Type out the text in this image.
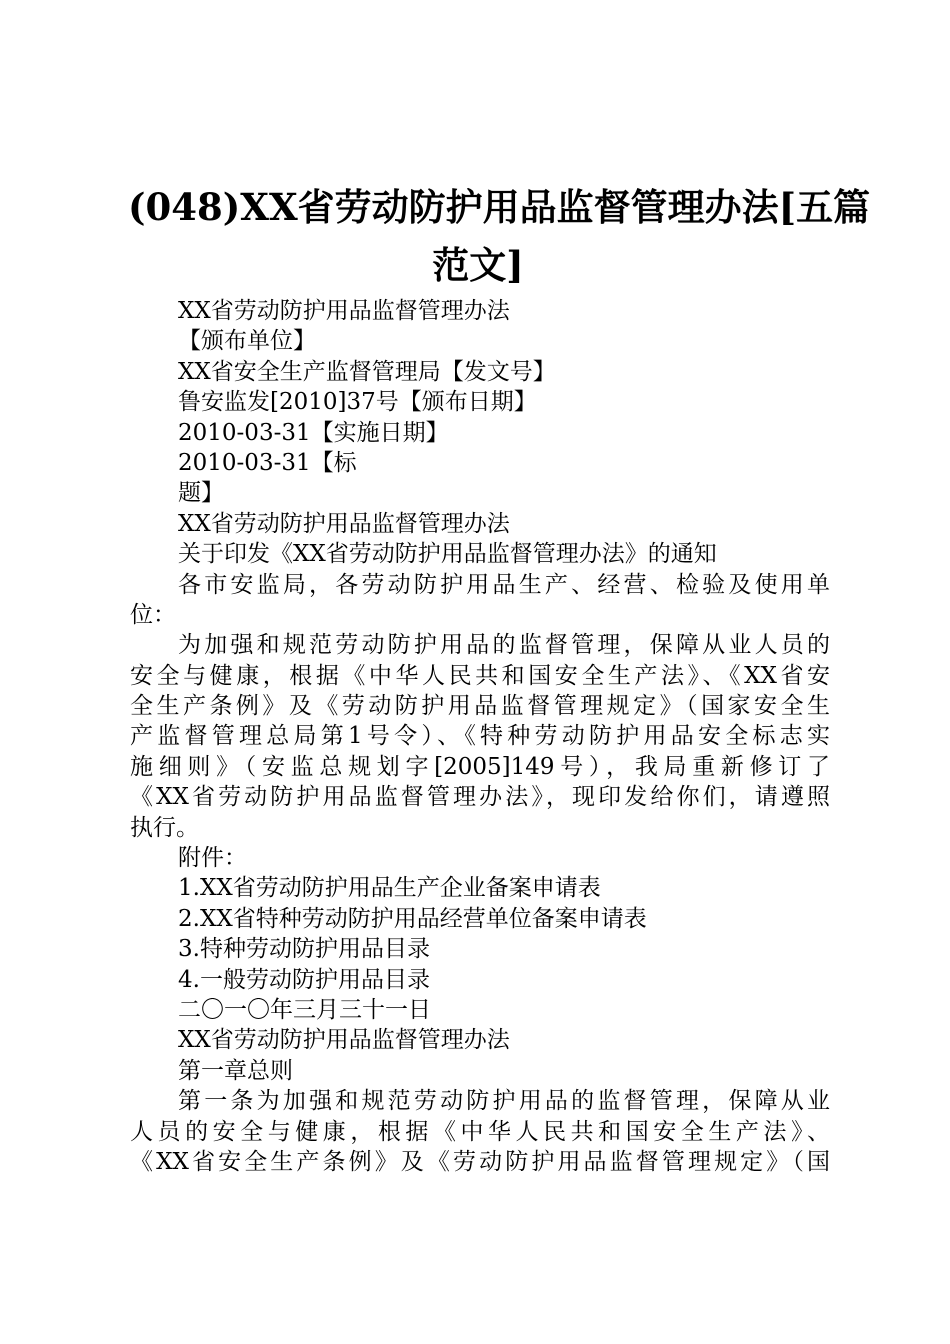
(048)XX省劳动防护用品监督管理办法[五篇
范文]
XX省劳动防护用品监督管理办法
【颁布单位】
XX省安全生产监督管理局【发文号】
鲁安监发[2010]37号【颁布日期】
2010-03-31【实施日期】
2010-03-31【标
题】
XX省劳动防护用品监督管理办法
关于印发《XX省劳动防护用品监督管理办法》的通知
各市安监局，各劳动防护用品生产、经营、检验及使用单
位：
为加强和规范劳动防护用品的监督管理，保障从业人员的
安全与健康，根据《中华人民共和国安全生产法》、《XX省安
全生产条例》及《劳动防护用品监督管理规定》（国家安全生
产监督管理总局第1号令）、《特种劳动防护用品安全标志实
施细则》（安监总规划字[2005]149号），我局重新修订了
《XX省劳动防护用品监督管理办法》，现印发给你们，请遵照
执行。
附件：
1.XX省劳动防护用品生产企业备案申请表
2.XX省特种劳动防护用品经营单位备案申请表
3.特种劳动防护用品目录
4.一般劳动防护用品目录
二〇一〇年三月三十一日
XX省劳动防护用品监督管理办法
第一章总则
第一条为加强和规范劳动防护用品的监督管理，保障从业
人员的安全与健康，根据《中华人民共和国安全生产法》、
《XX省安全生产条例》及《劳动防护用品监督管理规定》（国
